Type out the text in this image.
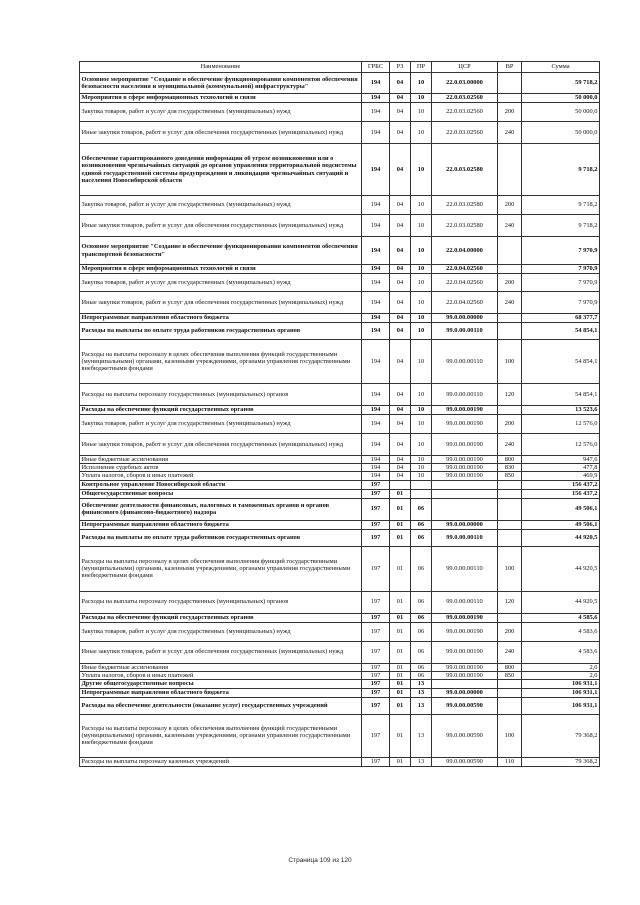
Наименование	ГРБС	РЗ	ПР	ЦСР	ВР	Сумма
Основное мероприятие "Создание и обеспечение функционирования компонентов обеспечения безопасности населения и муниципальной (коммунальной) инфраструктуры"	194	04	10	22.0.03.00000		59 718,2
Мероприятия в сфере информационных технологий и связи	194	04	10	22.0.03.02560		50 000,0
Закупка товаров, работ и услуг для государственных (муниципальных) нужд	194	04	10	22.0.03.02560	200	50 000,0
Иные закупки товаров, работ и услуг для обеспечения государственных (муниципальных) нужд	194	04	10	22.0.03.02560	240	50 000,0
Обеспечение гарантированного доведения информации об угрозе возникновения или о возникновении чрезвычайных ситуаций до органов управления территориальной подсистемы единой государственной системы предупреждения и ликвидации чрезвычайных ситуаций и населения Новосибирской области	194	04	10	22.0.03.02580		9 718,2
Закупка товаров, работ и услуг для государственных (муниципальных) нужд	194	04	10	22.0.03.02580	200	9 718,2
Иные закупки товаров, работ и услуг для обеспечения государственных (муниципальных) нужд	194	04	10	22.0.03.02580	240	9 718,2
Основное мероприятие "Создание и обеспечение функционирования компонентов обеспечения транспортной безопасности"	194	04	10	22.0.04.00000		7 970,9
Мероприятия в сфере информационных технологий и связи	194	04	10	22.0.04.02560		7 970,9
Закупка товаров, работ и услуг для государственных (муниципальных) нужд	194	04	10	22.0.04.02560	200	7 970,9
Иные закупки товаров, работ и услуг для обеспечения государственных (муниципальных) нужд	194	04	10	22.0.04.02560	240	7 970,9
Непрограммные направления областного бюджета	194	04	10	99.0.00.00000		68 377,7
Расходы на выплаты по оплате труда работников государственных органов	194	04	10	99.0.00.00110		54 854,1
Расходы на выплаты персоналу в целях обеспечения выполнения функций государственными (муниципальными) органами, казенными учреждениями, органами управления государственными внебюджетными фондами	194	04	10	99.0.00.00110	100	54 854,1
Расходы на выплаты персоналу государственных (муниципальных) органов	194	04	10	99.0.00.00110	120	54 854,1
Расходы на обеспечение функций государственных органов	194	04	10	99.0.00.00190		13 523,6
Закупка товаров, работ и услуг для государственных (муниципальных) нужд	194	04	10	99.0.00.00190	200	12 576,0
Иные закупки товаров, работ и услуг для обеспечения государственных (муниципальных) нужд	194	04	10	99.0.00.00190	240	12 576,0
Иные бюджетные ассигнования	194	04	10	99.0.00.00190	800	947,6
Исполнение судебных актов	194	04	10	99.0.00.00190	830	477,8
Уплата налогов, сборов и иных платежей	194	04	10	99.0.00.00190	850	469,9
Контрольное управление Новосибирской области	197					156 437,2
Общегосударственные вопросы	197	01				156 437,2
Обеспечение деятельности финансовых, налоговых и таможенных органов и органов финансового (финансово-бюджетного) надзора	197	01	06			49 506,1
Непрограммные направления областного бюджета	197	01	06	99.0.00.00000		49 506,1
Расходы на выплаты по оплате труда работников государственных органов	197	01	06	99.0.00.00110		44 920,5
Расходы на выплаты персоналу в целях обеспечения выполнения функций государственными (муниципальными) органами, казенными учреждениями, органами управления государственными внебюджетными фондами	197	01	06	99.0.00.00110	100	44 920,5
Расходы на выплаты персоналу государственных (муниципальных) органов	197	01	06	99.0.00.00110	120	44 920,5
Расходы на обеспечение функций государственных органов	197	01	06	99.0.00.00190		4 585,6
Закупка товаров, работ и услуг для государственных (муниципальных) нужд	197	01	06	99.0.00.00190	200	4 583,6
Иные закупки товаров, работ и услуг для обеспечения государственных (муниципальных) нужд	197	01	06	99.0.00.00190	240	4 583,6
Иные бюджетные ассигнования	197	01	06	99.0.00.00190	800	2,0
Уплата налогов, сборов и иных платежей	197	01	06	99.0.00.00190	850	2,0
Другие общегосударственные вопросы	197	01	13			106 931,1
Непрограммные направления областного бюджета	197	01	13	99.0.00.00000		106 931,1
Расходы на обеспечение деятельности (оказание услуг) государственных учреждений	197	01	13	99.0.00.00590		106 931,1
Расходы на выплаты персоналу в целях обеспечения выполнения функций государственными (муниципальными) органами, казенными учреждениями, органами управления государственными внебюджетными фондами	197	01	13	99.0.00.00590	100	79 368,2
Расходы на выплаты персоналу казенных учреждений	197	01	13	99.0.00.00590	110	79 368,2
Страница 109 из 120
